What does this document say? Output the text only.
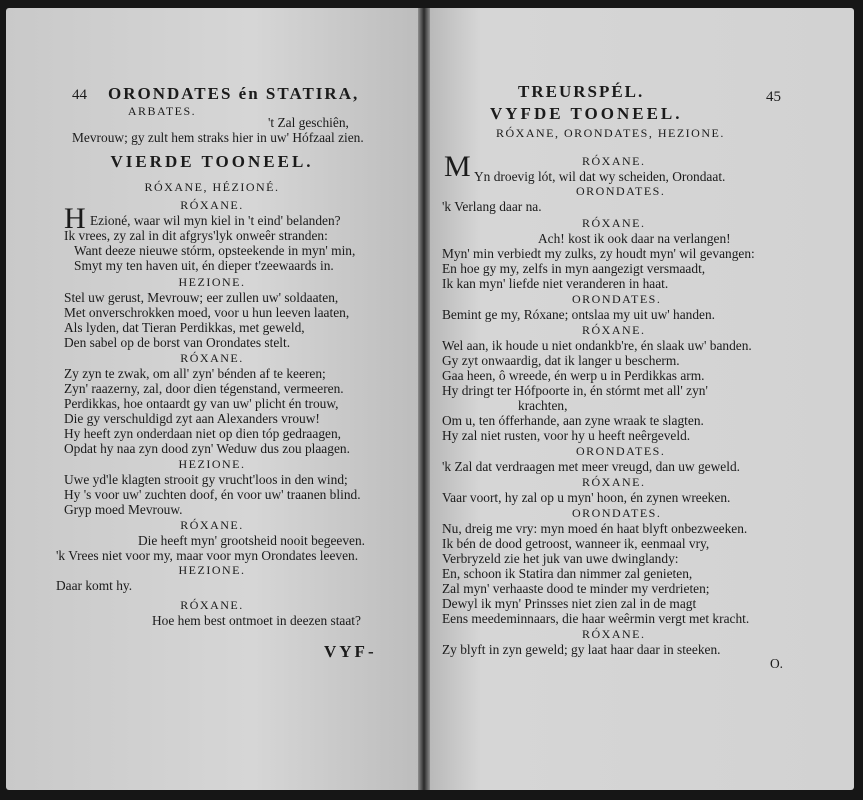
44 ORONDATES én STATIRA,
ARBATES.
't Zal geschiên,
Mevrouw; gy zult hem straks hier in uw' Hófzaal zien.
VIERDE TOONEEL.
RÓXANE, HÉZIONÉ.
RÓXANE.
H Ezioné, waar wil myn kiel in 't eind' belanden?
Ik vrees, zy zal in dit afgrys'lyk onweêr stranden:
Want deeze nieuwe stórm, opsteekende in myn' min,
Smyt my ten haven uit, én dieper t'zeewaards in.
HEZIONE.
Stel uw gerust, Mevrouw; eer zullen uw' soldaaten,
Met onverschrokken moed, voor u hun leeven laaten,
Als lyden, dat Tieran Perdikkas, met geweld,
Den sabel op de borst van Orondates stelt.
RÓXANE.
Zy zyn te zwak, om all' zyn' bénden af te keeren;
Zyn' raazerny, zal, door dien tégenstand, vermeeren.
Perdikkas, hoe ontaardt gy van uw' plicht én trouw,
Die gy verschuldigd zyt aan Alexanders vrouw!
Hy heeft zyn onderdaan niet op dien tóp gedraagen,
Opdat hy naa zyn dood zyn' Weduw dus zou plaagen.
HEZIONE.
Uwe yd'le klagten strooit gy vrucht'loos in den wind;
Hy 's voor uw' zuchten doof, én voor uw' traanen blind.
Gryp moed Mevrouw.
RÓXANE.
Die heeft myn' grootsheid nooit begeeven.
'k Vrees niet voor my, maar voor myn Orondates leeven.
HEZIONE.
Daar komt hy.
RÓXANE.
Hoe hem best ontmoet in deezen staat?
VYF-
TREURSPÉL.	45
VYFDE TOONEEL.
RÓXANE, ORONDATES, HEZIONE.
RÓXANE.
M Yn droevig lót, wil dat wy scheiden, Orondaat.
ORONDATES.
'k Verlang daar na.
RÓXANE.
Ach! kost ik ook daar na verlangen!
Myn' min verbiedt my zulks, zy houdt myn' wil gevangen:
En hoe gy my, zelfs in myn aangezigt versmaadt,
Ik kan myn' liefde niet veranderen in haat.
ORONDATES.
Bemint ge my, Róxane; ontslaa my uit uw' handen.
RÓXANE.
Wel aan, ik houde u niet ondankb're, én slaak uw' banden.
Gy zyt onwaardig, dat ik langer u bescherm.
Gaa heen, ô wreede, én werp u in Perdikkas arm.
Hy dringt ter Hófpoorte in, én stórmt met all' zyn'
krachten,
Om u, ten ófferhande, aan zyne wraak te slagten.
Hy zal niet rusten, voor hy u heeft neêrgeveld.
ORONDATES.
'k Zal dat verdraagen met meer vreugd, dan uw geweld.
RÓXANE.
Vaar voort, hy zal op u myn' hoon, én zynen wreeken.
ORONDATES.
Nu, dreig me vry: myn moed én haat blyft onbezweeken.
Ik bén de dood getroost, wanneer ik, eenmaal vry,
Verbryzeld zie het juk van uwe dwinglandy:
En, schoon ik Statira dan nimmer zal genieten,
Zal myn' verhaaste dood te minder my verdrieten;
Dewyl ik myn' Prinsses niet zien zal in de magt
Eens meedeminnaars, die haar weêrmin vergt met kracht.
RÓXANE.
Zy blyft in zyn geweld; gy laat haar daar in steeken.
O.
